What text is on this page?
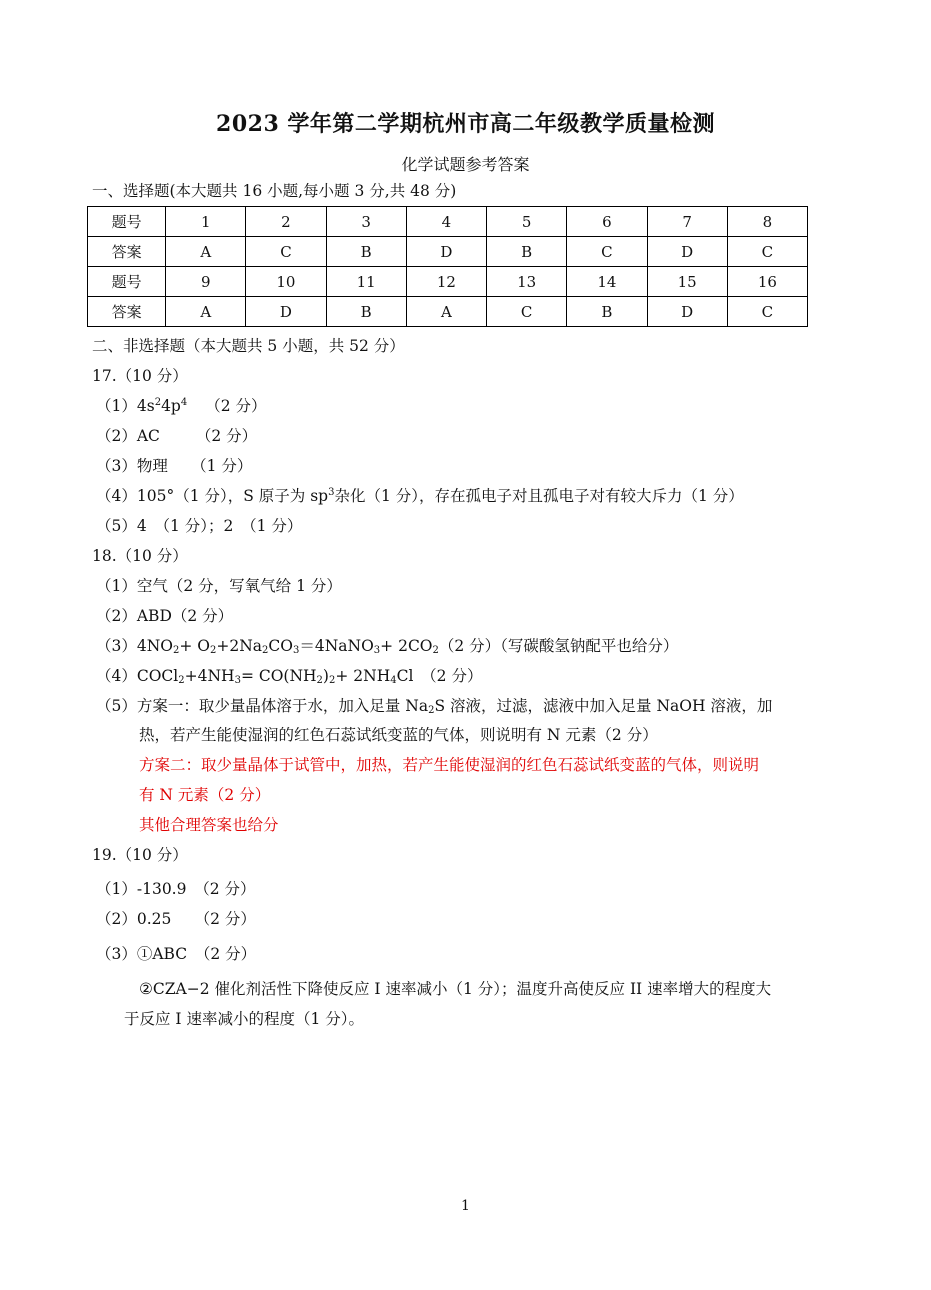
2023 学年第二学期杭州市高二年级教学质量检测
化学试题参考答案
一、选择题(本大题共 16 小题,每小题 3 分,共 48 分)
题号	1	2	3	4	5	6	7	8
答案	A	C	B	D	B	C	D	C
题号	9	10	11	12	13	14	15	16
答案	A	D	B	A	C	B	D	C
二、非选择题（本大题共 5 小题，共 52 分）
17.（10 分）
$(1)4s^24p^4$ （2 分）
（2）AC　　 （2 分）
（3）物理　　（1 分）
（4）105°（1 分），S 原子为 $sp^3$杂化（1 分），存在孤电子对且孤电子对有较大斥力（1 分）
（5）4　（1 分）；2　（1 分）
18.（10 分）
（1）空气（2 分，写氧气给 1 分）
（2）ABD（2 分）
$(3)4NO_2+$ $O_2+2Na_2CO_3=4NaNO_3+ 2CO_2(2$ 分）（写碳酸氢钠配平也给分）
$(4)COCl_2+4NH_3= CO(NH_2)_2+ 2NH_4Cl$　（2 分）
（5）方案一：取少量晶体溶于水，加入足量 $Na_2S$ 溶液，过滤，滤液中加入足量 NaOH 溶液，加
热，若产生能使湿润的红色石蕊试纸变蓝的气体，则说明有 N 元素（2 分）
方案二：取少量晶体于试管中，加热，若产生能使湿润的红色石蕊试纸变蓝的气体，则说明
有 N 元素（2 分）
其他合理答案也给分
19.（10 分）
（1）-130.9　（2 分）
（2）0.25　　（2 分）
（3）①ABC　（2 分）
②CZA−2 催化剂活性下降使反应 I 速率减小（1 分）；温度升高使反应 II 速率增大的程度大
于反应 I 速率减小的程度（1 分）。
1
